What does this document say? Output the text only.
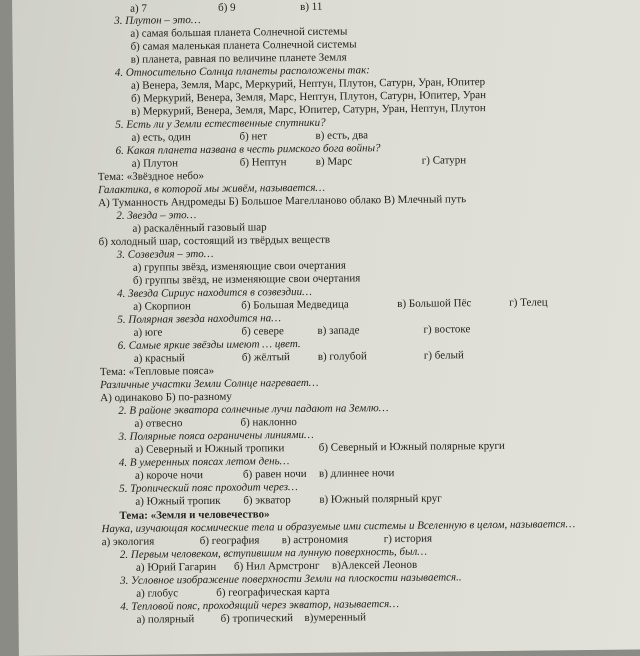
а) 7	б) 9	в) 11
3. Плутон – это…
а) самая большая планета Солнечной системы
б) самая маленькая планета Солнечной системы
в) планета, равная по величине планете Земля
4. Относительно Солнца планеты расположены так:
а) Венера, Земля, Марс, Меркурий, Нептун, Плутон, Сатурн, Уран, Юпитер
б) Меркурий, Венера, Земля, Марс, Нептун, Плутон, Сатурн, Юпитер, Уран
в) Меркурий, Венера, Земля, Марс, Юпитер, Сатурн, Уран, Нептун, Плутон
5. Есть ли у Земли естественные спутники?
а) есть, один	б) нет	в) есть, два
6. Какая планета названа в честь римского бога войны?
а) Плутон	б) Нептун	в) Марс	г) Сатурн
Тема: «Звёздное небо»
Галактика, в которой мы живём, называется…
А) Туманность Андромеды Б) Большое Магелланово облако В) Млечный путь
2. Звезда – это…
а) раскалённый газовый шар
б) холодный шар, состоящий из твёрдых веществ
3. Созвездия – это…
а) группы звёзд, изменяющие свои очертания
б) группы звёзд, не изменяющие свои очертания
4. Звезда Сириус находится в созвездии…
а) Скорпион	б) Большая Медведица	в) Большой Пёс	г) Телец
5. Полярная звезда находится на…
а) юге	б) севере	в) западе	г) востоке
6. Самые яркие звёзды имеют … цвет.
а) красный	б) жёлтый	в) голубой	г) белый
Тема: «Тепловые пояса»
Различные участки Земли Солнце нагревает…
А) одинаково Б) по-разному
2. В районе экватора солнечные лучи падают на Землю…
а) отвесно	б) наклонно
3. Полярные пояса ограничены линиями…
а) Северный и Южный тропики	б) Северный и Южный полярные круги
4. В умеренных поясах летом день…
а) короче ночи	б) равен ночи в) длиннее ночи
5. Тропический пояс проходит через…
а) Южный тропик б) экватор	в) Южный полярный круг
Тема: «Земля и человечество»
Наука, изучающая космические тела и образуемые ими системы и Вселенную в целом, называется…
а) экология	б) география в) астрономия	г) история
2. Первым человеком, вступившим на лунную поверхность, был…
а) Юрий Гагарин б) Нил Армстронг в)Алексей Леонов
3. Условное изображение поверхности Земли на плоскости называется..
а) глобус	б) географическая карта
4. Тепловой пояс, проходящий через экватор, называется…
а) полярный б) тропический в)умеренный
